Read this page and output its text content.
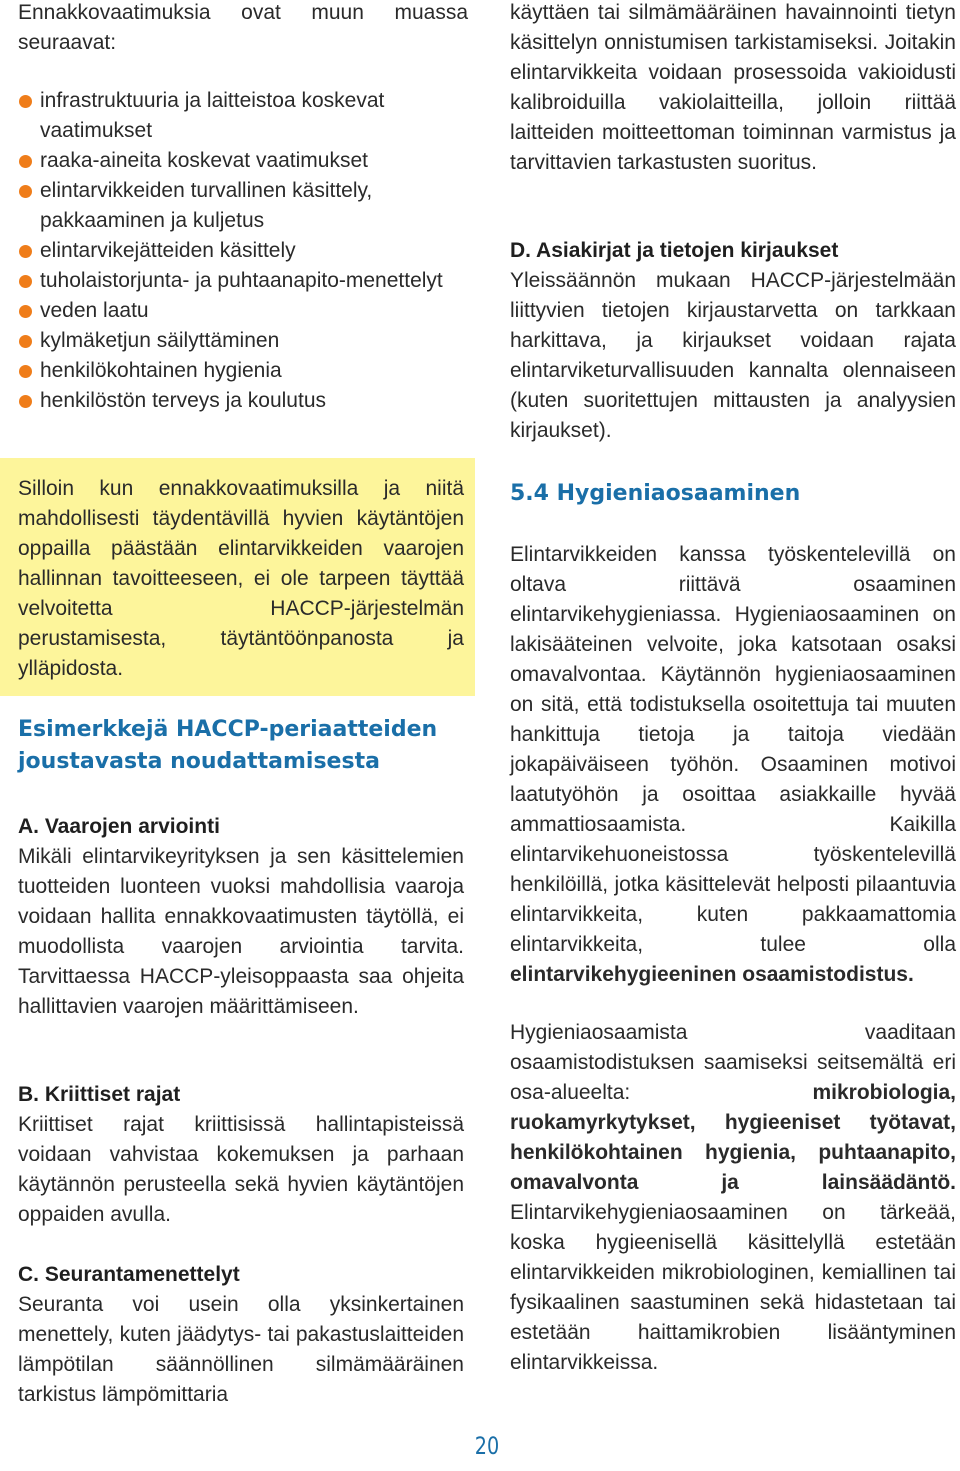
Ennakkovaatimuksia ovat muun muassa seuraavat:

infrastruktuuria ja laitteistoa koskevat vaatimukset
raaka-aineita koskevat vaatimukset
elintarvikkeiden turvallinen käsittely, pakkaaminen ja kuljetus
elintarvikejätteiden käsittely
tuholaistorjunta- ja puhtaanapito-menettelyt
veden laatu
kylmäketjun säilyttäminen
henkilökohtainen hygienia
henkilöstön terveys ja koulutus

Silloin kun ennakkovaatimuksilla ja niitä mahdollisesti täydentävillä hyvien käytäntöjen oppailla päästään elintarvikkeiden vaarojen hallinnan tavoitteeseen, ei ole tarpeen täyttää velvoitetta HACCP-järjestelmän perustamisesta, täytäntöönpanosta ja ylläpidosta.

Esimerkkejä HACCP-periaatteiden joustavasta noudattamisesta

A. Vaarojen arviointi

Mikäli elintarvikeyrityksen ja sen käsittelemien tuotteiden luonteen vuoksi mahdollisia vaaroja voidaan hallita ennakkovaatimusten täytöllä, ei muodollista vaarojen arviointia tarvita. Tarvittaessa HACCP-yleisoppaasta saa ohjeita hallittavien vaarojen määrittämiseen.

B. Kriittiset rajat

Kriittiset rajat kriittisissä hallintapisteissä voidaan vahvistaa kokemuksen ja parhaan käytännön perusteella sekä hyvien käytäntöjen oppaiden avulla.

C. Seurantamenettelyt

Seuranta voi usein olla yksinkertainen menettely, kuten jäädytys- tai pakastuslaitteiden lämpötilan säännöllinen silmämääräinen tarkistus lämpömittaria

käyttäen tai silmämääräinen havainnointi tietyn käsittelyn onnistumisen tarkistamiseksi. Joitakin elintarvikkeita voidaan prosessoida vakioidusti kalibroiduilla vakiolaitteilla, jolloin riittää laitteiden moitteettoman toiminnan varmistus ja tarvittavien tarkastusten suoritus.

D. Asiakirjat ja tietojen kirjaukset

Yleissäännön mukaan HACCP-järjestelmään liittyvien tietojen kirjaustarvetta on tarkkaan harkittava, ja kirjaukset voidaan rajata elintarviketurvallisuuden kannalta olennaiseen (kuten suoritettujen mittausten ja analyysien kirjaukset).

5.4 Hygieniaosaaminen

Elintarvikkeiden kanssa työskentelevillä on oltava riittävä osaaminen elintarvikehygieniassa. Hygieniaosaaminen on lakisääteinen velvoite, joka katsotaan osaksi omavalvontaa. Käytännön hygieniaosaaminen on sitä, että todistuksella osoitettuja tai muuten hankittuja tietoja ja taitoja viedään jokapäiväiseen työhön. Osaaminen motivoi laatutyöhön ja osoittaa asiakkaille hyvää ammattiosaamista. Kaikilla elintarvikehuoneistossa työskentelevillä henkilöillä, jotka käsittelevät helposti pilaantuvia elintarvikkeita, kuten pakkaamattomia elintarvikkeita, tulee olla elintarvikehygieeninen osaamistodistus.

Hygieniaosaamista vaaditaan osaamistodistuksen saamiseksi seitsemältä eri osa-alueelta: mikrobiologia, ruokamyrkytykset, hygieeniset työtavat, henkilökohtainen hygienia, puhtaanapito, omavalvonta ja lainsäädäntö. Elintarvikehygieniaosaaminen on tärkeää, koska hygieenisellä käsittelyllä estetään elintarvikkeiden mikrobiologinen, kemiallinen tai fysikaalinen saastuminen sekä hidastetaan tai estetään haittamikrobien lisääntyminen elintarvikkeissa.

20
